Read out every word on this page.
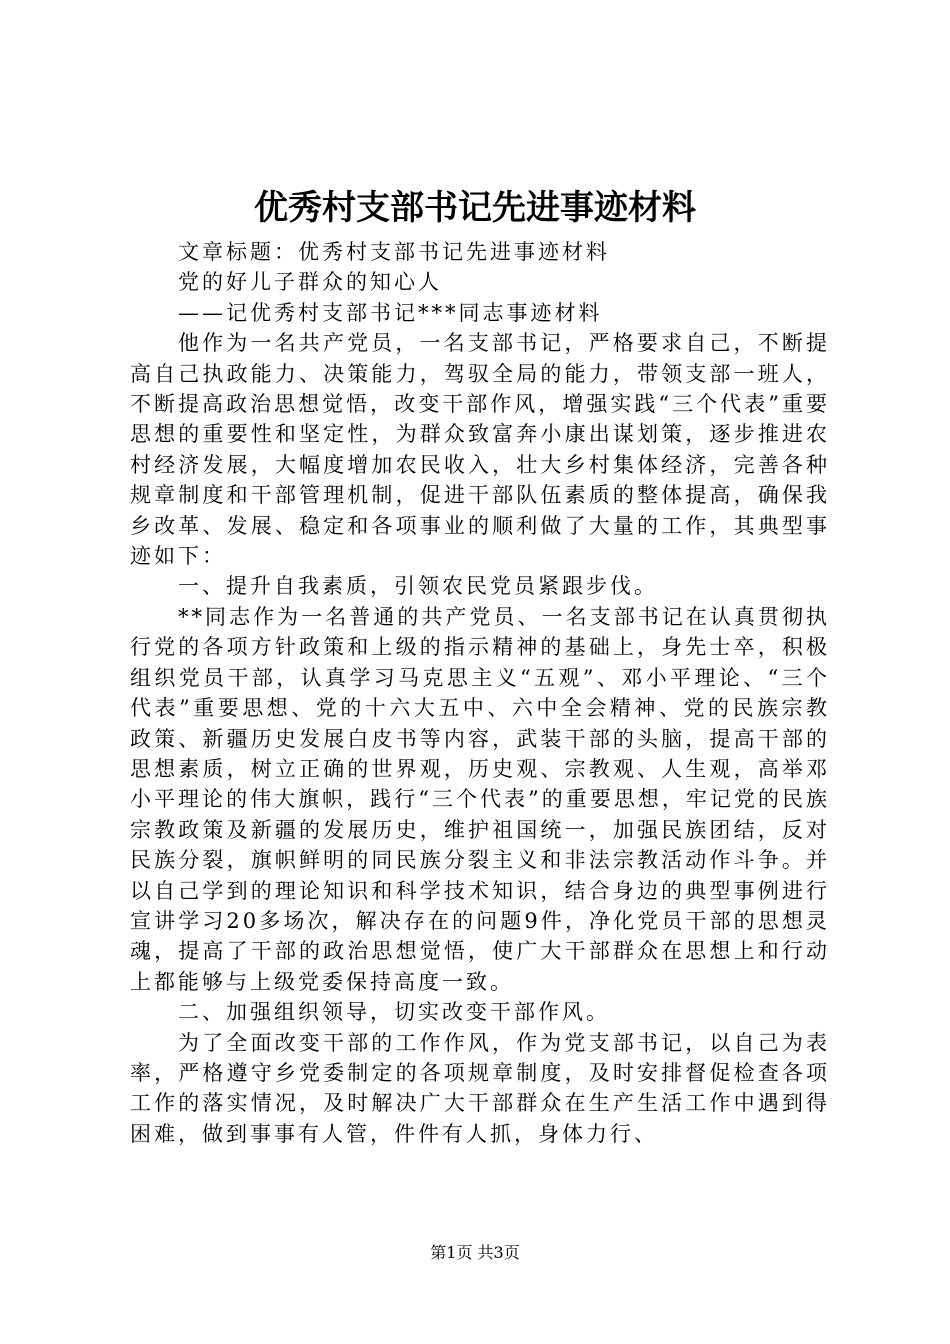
优秀村支部书记先进事迹材料

文章标题：优秀村支部书记先进事迹材料

党的好儿子群众的知心人

——记优秀村支部书记***同志事迹材料

他作为一名共产党员，一名支部书记，严格要求自己，不断提高自己执政能力、决策能力，驾驭全局的能力，带领支部一班人，不断提高政治思想觉悟，改变干部作风，增强实践“三个代表”重要思想的重要性和坚定性，为群众致富奔小康出谋划策，逐步推进农村经济发展，大幅度增加农民收入，壮大乡村集体经济，完善各种规章制度和干部管理机制，促进干部队伍素质的整体提高，确保我乡改革、发展、稳定和各项事业的顺利做了大量的工作，其典型事迹如下：

一、提升自我素质，引领农民党员紧跟步伐。

**同志作为一名普通的共产党员、一名支部书记在认真贯彻执行党的各项方针政策和上级的指示精神的基础上，身先士卒，积极组织党员干部，认真学习马克思主义“五观”、邓小平理论、“三个代表”重要思想、党的十六大五中、六中全会精神、党的民族宗教政策、新疆历史发展白皮书等内容，武装干部的头脑，提高干部的思想素质，树立正确的世界观，历史观、宗教观、人生观，高举邓小平理论的伟大旗帜，践行“三个代表”的重要思想，牢记党的民族宗教政策及新疆的发展历史，维护祖国统一，加强民族团结，反对民族分裂，旗帜鲜明的同民族分裂主义和非法宗教活动作斗争。并以自己学到的理论知识和科学技术知识，结合身边的典型事例进行宣讲学习20多场次，解决存在的问题9件，净化党员干部的思想灵魂，提高了干部的政治思想觉悟，使广大干部群众在思想上和行动上都能够与上级党委保持高度一致。

二、加强组织领导，切实改变干部作风。

为了全面改变干部的工作作风，作为党支部书记，以自己为表率，严格遵守乡党委制定的各项规章制度，及时安排督促检查各项工作的落实情况，及时解决广大干部群众在生产生活工作中遇到得困难，做到事事有人管，件件有人抓，身体力行、

第1页 共3页
